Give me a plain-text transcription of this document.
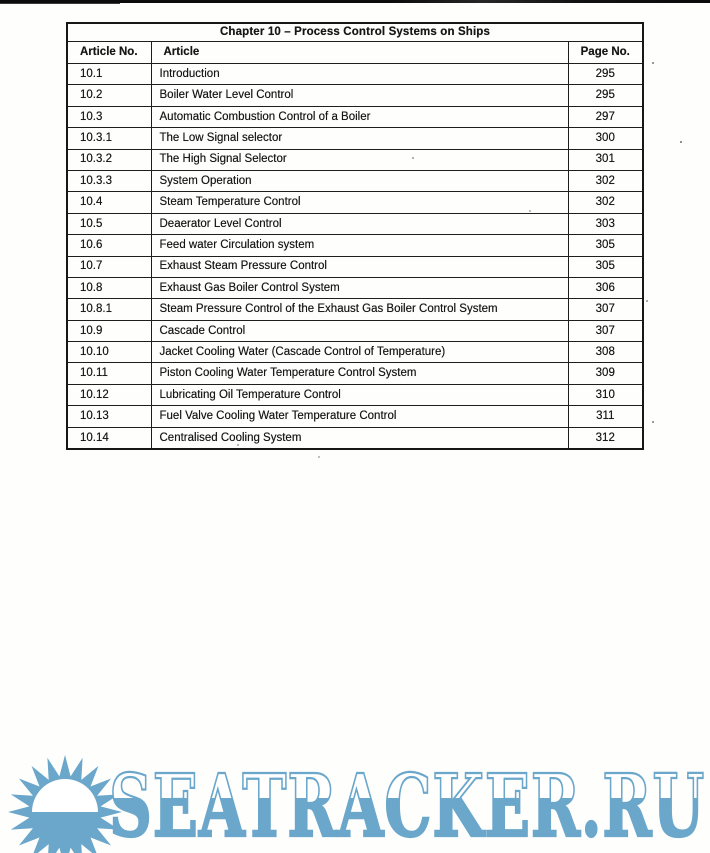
Chapter 10 – Process Control Systems on Ships		
Article No.	Article	Page No.
10.1	Introduction	295
10.2	Boiler Water Level Control	295
10.3	Automatic Combustion Control of a Boiler	297
10.3.1	The Low Signal selector	300
10.3.2	The High Signal Selector	301
10.3.3	System Operation	302
10.4	Steam Temperature Control	302
10.5	Deaerator Level Control	303
10.6	Feed water Circulation system	305
10.7	Exhaust Steam Pressure Control	305
10.8	Exhaust Gas Boiler Control System	306
10.8.1	Steam Pressure Control of the Exhaust Gas Boiler Control System	307
10.9	Cascade Control	307
10.10	Jacket Cooling Water (Cascade Control of Temperature)	308
10.11	Piston Cooling Water Temperature Control System	309
10.12	Lubricating Oil Temperature Control	310
10.13	Fuel Valve Cooling Water Temperature Control	311
10.14	Centralised Cooling System	312
SEATRACKER.RU
